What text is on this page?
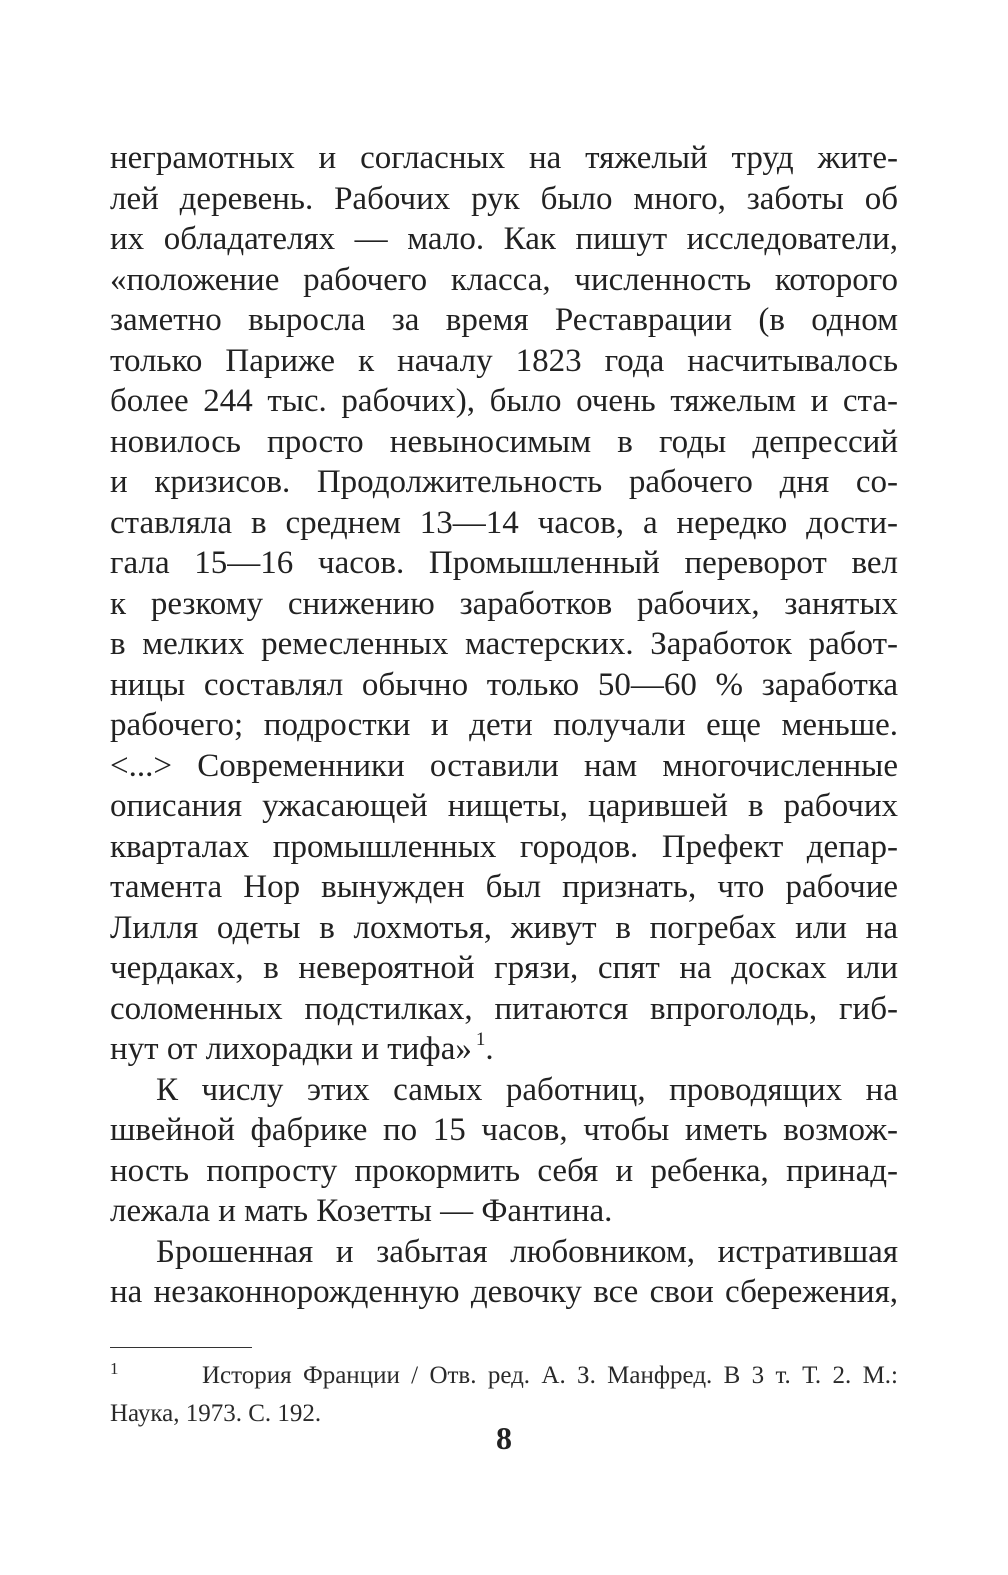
неграмотных и согласных на тяжелый труд жите-
лей деревень. Рабочих рук было много, заботы об
их обладателях — мало. Как пишут исследователи,
«положение рабочего класса, численность которого
заметно выросла за время Реставрации (в одном
только Париже к началу 1823 года насчитывалось
более 244 тыс. рабочих), было очень тяжелым и ста-
новилось просто невыносимым в годы депрессий
и кризисов. Продолжительность рабочего дня со-
ставляла в среднем 13—14 часов, а нередко дости-
гала 15—16 часов. Промышленный переворот вел
к резкому снижению заработков рабочих, занятых
в мелких ремесленных мастерских. Заработок работ-
ницы составлял обычно только 50—60 % заработка
рабочего; подростки и дети получали еще меньше.
<...> Современники оставили нам многочисленные
описания ужасающей нищеты, царившей в рабочих
кварталах промышленных городов. Префект депар-
тамента Нор вынужден был признать, что рабочие
Лилля одеты в лохмотья, живут в погребах или на
чердаках, в невероятной грязи, спят на досках или
соломенных подстилках, питаются впроголодь, гиб-
нут от лихорадки и тифа» $^1$.
К числу этих самых работниц, проводящих на
швейной фабрике по 15 часов, чтобы иметь возмож-
ность попросту прокормить себя и ребенка, принад-
лежала и мать Козетты — Фантина.
Брошенная и забытая любовником, истратившая
на незаконнорожденную девочку все свои сбережения,
1	История Франции / Отв. ред. А. З. Манфред. В 3 т. Т. 2. М.:
Наука, 1973. С. 192.
8
